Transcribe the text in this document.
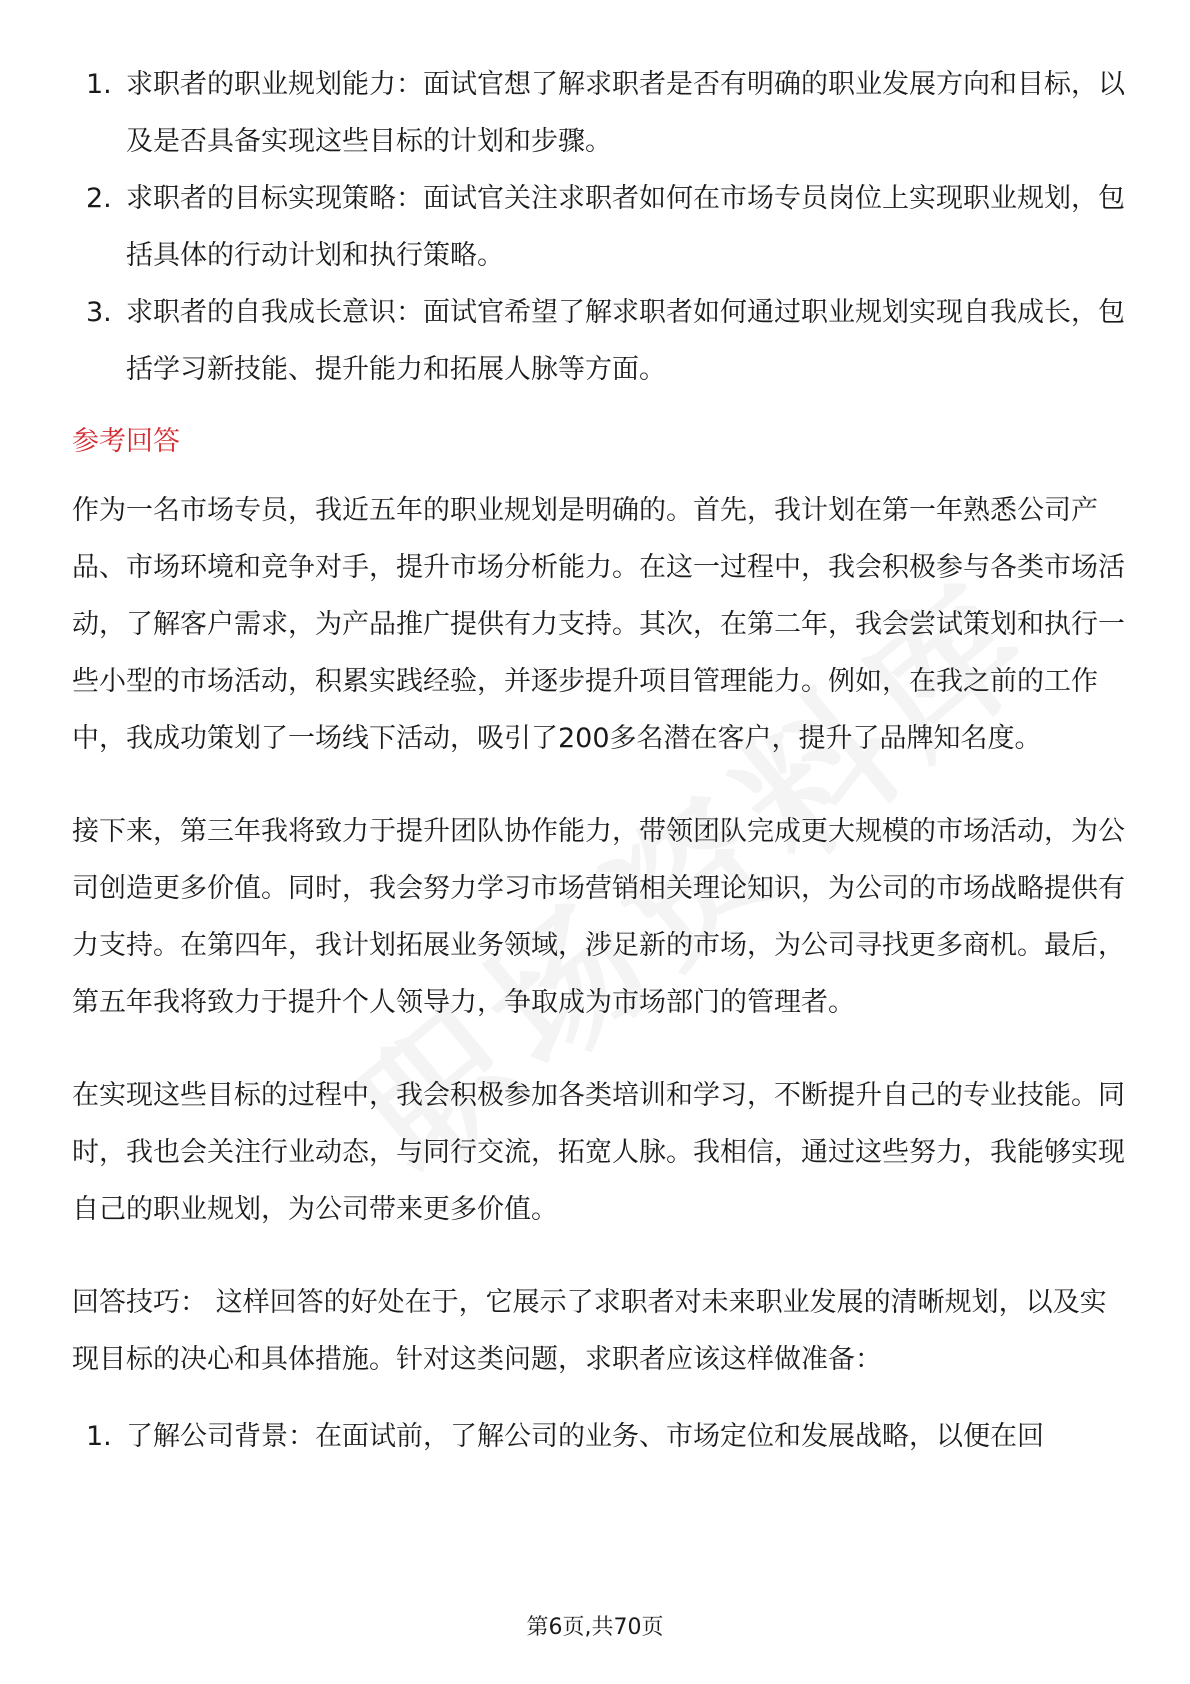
1. 求职者的职业规划能力：面试官想了解求职者是否有明确的职业发展方向和目标，以及是否具备实现这些目标的计划和步骤。
2. 求职者的目标实现策略：面试官关注求职者如何在市场专员岗位上实现职业规划，包括具体的行动计划和执行策略。
3. 求职者的自我成长意识：面试官希望了解求职者如何通过职业规划实现自我成长，包括学习新技能、提升能力和拓展人脉等方面。
参考回答

作为一名市场专员，我近五年的职业规划是明确的。首先，我计划在第一年熟悉公司产品、市场环境和竞争对手，提升市场分析能力。在这一过程中，我会积极参与各类市场活动，了解客户需求，为产品推广提供有力支持。其次，在第二年，我会尝试策划和执行一些小型的市场活动，积累实践经验，并逐步提升项目管理能力。例如，在我之前的工作中，我成功策划了一场线下活动，吸引了200多名潜在客户，提升了品牌知名度。

接下来，第三年我将致力于提升团队协作能力，带领团队完成更大规模的市场活动，为公司创造更多价值。同时，我会努力学习市场营销相关理论知识，为公司的市场战略提供有力支持。在第四年，我计划拓展业务领域，涉足新的市场，为公司寻找更多商机。最后，第五年我将致力于提升个人领导力，争取成为市场部门的管理者。

在实现这些目标的过程中，我会积极参加各类培训和学习，不断提升自己的专业技能。同时，我也会关注行业动态，与同行交流，拓宽人脉。我相信，通过这些努力，我能够实现自己的职业规划，为公司带来更多价值。

回答技巧： 这样回答的好处在于，它展示了求职者对未来职业发展的清晰规划，以及实现目标的决心和具体措施。针对这类问题，求职者应该这样做准备：
1. 了解公司背景：在面试前，了解公司的业务、市场定位和发展战略，以便在回
第6页,共70页
